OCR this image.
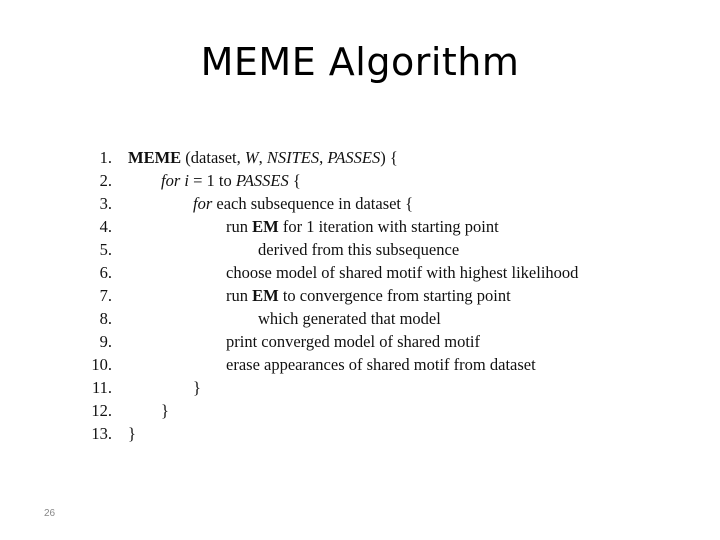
MEME Algorithm
1. MEME (dataset, W, NSITES, PASSES) {
2.	for i = 1 to PASSES {
3.	for each subsequence in dataset {
4.	run EM for 1 iteration with starting point
5.	derived from this subsequence
6.	choose model of shared motif with highest likelihood
7.	run EM to convergence from starting point
8.	which generated that model
9.	print converged model of shared motif
10.	erase appearances of shared motif from dataset
11.	}
12.	}
13. }
26
